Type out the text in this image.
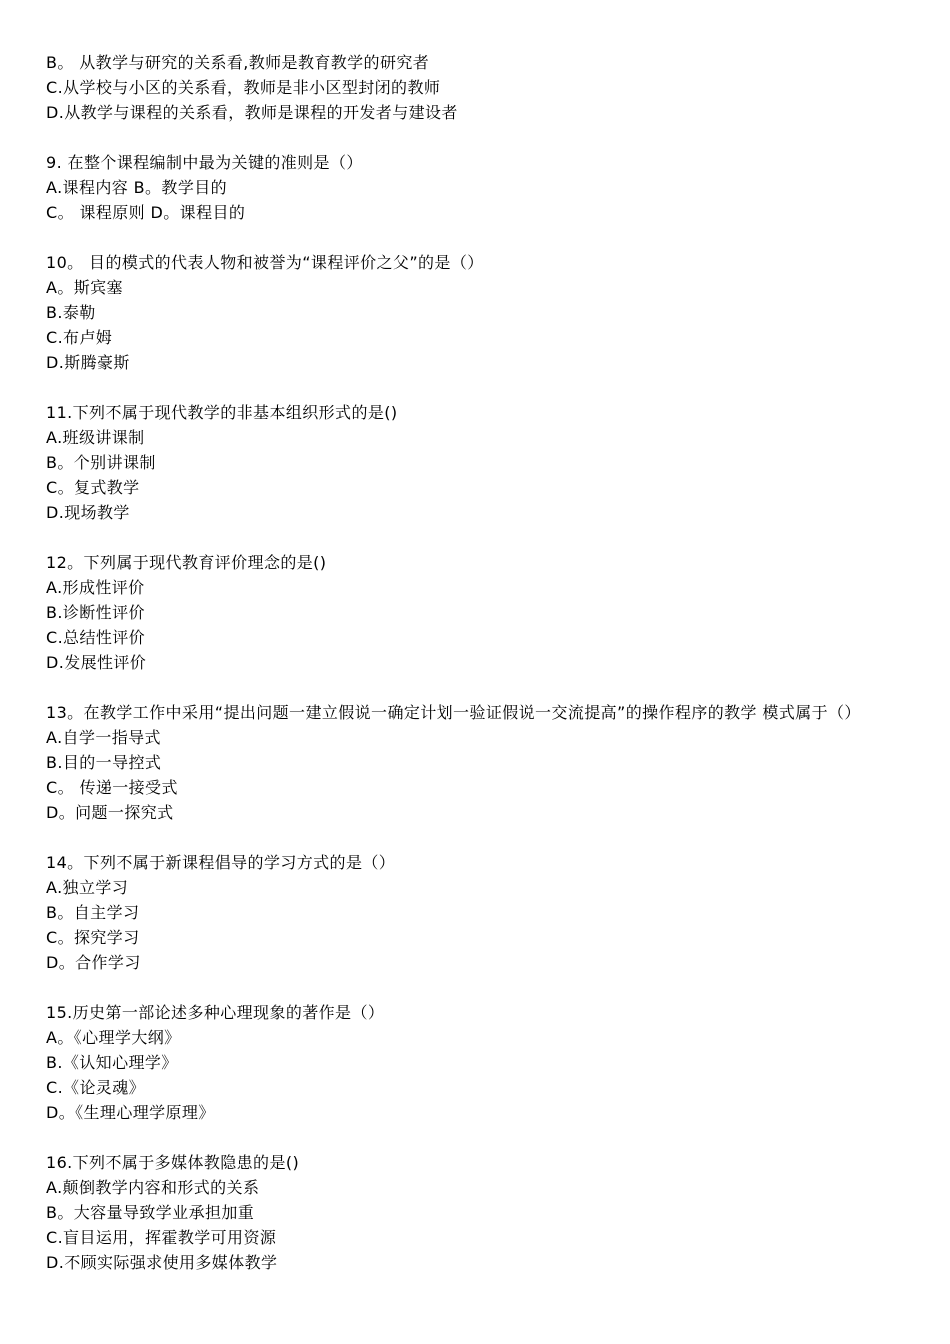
B。 从教学与研究的关系看,教师是教育教学的研究者
C.从学校与小区的关系看，教师是非小区型封闭的教师
D.从教学与课程的关系看，教师是课程的开发者与建设者
9. 在整个课程编制中最为关键的准则是（）
A.课程内容 B。教学目的
C。 课程原则 D。课程目的
10。 目的模式的代表人物和被誉为“课程评价之父”的是（）
A。斯宾塞
B.泰勒
C.布卢姆
D.斯腾豪斯
11.下列不属于现代教学的非基本组织形式的是()
A.班级讲课制
B。个别讲课制
C。复式教学
D.现场教学
12。下列属于现代教育评价理念的是()
A.形成性评价
B.诊断性评价
C.总结性评价
D.发展性评价
13。在教学工作中采用“提出问题一建立假说一确定计划一验证假说一交流提高”的操作程序的教学 模式属于（）
A.自学一指导式
B.目的一导控式
C。 传递一接受式
D。问题一探究式
14。下列不属于新课程倡导的学习方式的是（）
A.独立学习
B。自主学习
C。探究学习
D。合作学习
15.历史第一部论述多种心理现象的著作是（）
A。《心理学大纲》
B.《认知心理学》
C.《论灵魂》
D。《生理心理学原理》
16.下列不属于多媒体教隐患的是()
A.颠倒教学内容和形式的关系
B。大容量导致学业承担加重
C.盲目运用，挥霍教学可用资源
D.不顾实际强求使用多媒体教学
